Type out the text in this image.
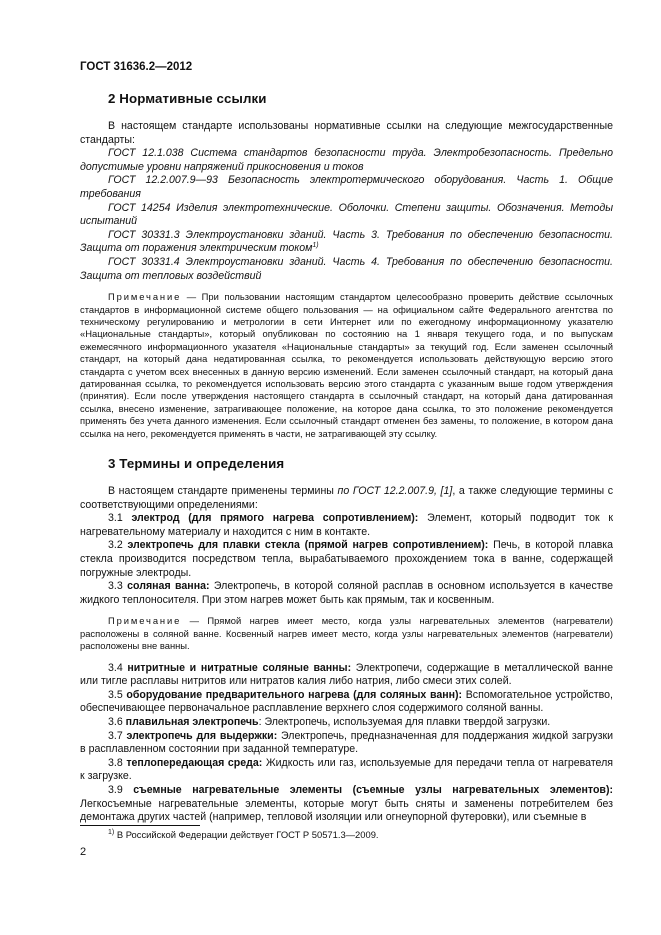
ГОСТ 31636.2—2012
2 Нормативные ссылки

В настоящем стандарте использованы нормативные ссылки на следующие межгосударственные стандарты:

ГОСТ 12.1.038 Система стандартов безопасности труда. Электробезопасность. Предельно допустимые уровни напряжений прикосновения и токов

ГОСТ 12.2.007.9—93 Безопасность электротермического оборудования. Часть 1. Общие требования

ГОСТ 14254 Изделия электротехнические. Оболочки. Степени защиты. Обозначения. Методы испытаний

ГОСТ 30331.3 Электроустановки зданий. Часть 3. Требования по обеспечению безопасности. Защита от поражения электрическим током$^{1)}$

ГОСТ 30331.4 Электроустановки зданий. Часть 4. Требования по обеспечению безопасности. Защита от тепловых воздействий

Примечание — При пользовании настоящим стандартом целесообразно проверить действие ссылочных стандартов в информационной системе общего пользования — на официальном сайте Федерального агентства по техническому регулированию и метрологии в сети Интернет или по ежегодному информационному указателю «Национальные стандарты», который опубликован по состоянию на 1 января текущего года, и по выпускам ежемесячного информационного указателя «Национальные стандарты» за текущий год. Если заменен ссылочный стандарт, на который дана недатированная ссылка, то рекомендуется использовать действующую версию этого стандарта с учетом всех внесенных в данную версию изменений. Если заменен ссылочный стандарт, на который дана датированная ссылка, то рекомендуется использовать версию этого стандарта с указанным выше годом утверждения (принятия). Если после утверждения настоящего стандарта в ссылочный стандарт, на который дана датированная ссылка, внесено изменение, затрагивающее положение, на которое дана ссылка, то это положение рекомендуется применять без учета данного изменения. Если ссылочный стандарт отменен без замены, то положение, в котором дана ссылка на него, рекомендуется применять в части, не затрагивающей эту ссылку.

3 Термины и определения

В настоящем стандарте применены термины по ГОСТ 12.2.007.9, [1], а также следующие термины с соответствующими определениями:

3.1 электрод (для прямого нагрева сопротивлением): Элемент, который подводит ток к нагревательному материалу и находится с ним в контакте.

3.2 электропечь для плавки стекла (прямой нагрев сопротивлением): Печь, в которой плавка стекла производится посредством тепла, вырабатываемого прохождением тока в ванне, содержащей погружные электроды.

3.3 соляная ванна: Электропечь, в которой соляной расплав в основном используется в качестве жидкого теплоносителя. При этом нагрев может быть как прямым, так и косвенным.

Примечание — Прямой нагрев имеет место, когда узлы нагревательных элементов (нагреватели) расположены в соляной ванне. Косвенный нагрев имеет место, когда узлы нагревательных элементов (нагреватели) расположены вне ванны.

3.4 нитритные и нитратные соляные ванны: Электропечи, содержащие в металлической ванне или тигле расплавы нитритов или нитратов калия либо натрия, либо смеси этих солей.

3.5 оборудование предварительного нагрева (для соляных ванн): Вспомогательное устройство, обеспечивающее первоначальное расплавление верхнего слоя содержимого соляной ванны.

3.6 плавильная электропечь: Электропечь, используемая для плавки твердой загрузки.

3.7 электропечь для выдержки: Электропечь, предназначенная для поддержания жидкой загрузки в расплавленном состоянии при заданной температуре.

3.8 теплопередающая среда: Жидкость или газ, используемые для передачи тепла от нагревателя к загрузке.

3.9 съемные нагревательные элементы (съемные узлы нагревательных элементов): Легкосъемные нагревательные элементы, которые могут быть сняты и заменены потребителем без демонтажа других частей (например, тепловой изоляции или огнеупорной футеровки), или съемные в

$^{1)}$ В Российской Федерации действует ГОСТ Р 50571.3—2009.
2
